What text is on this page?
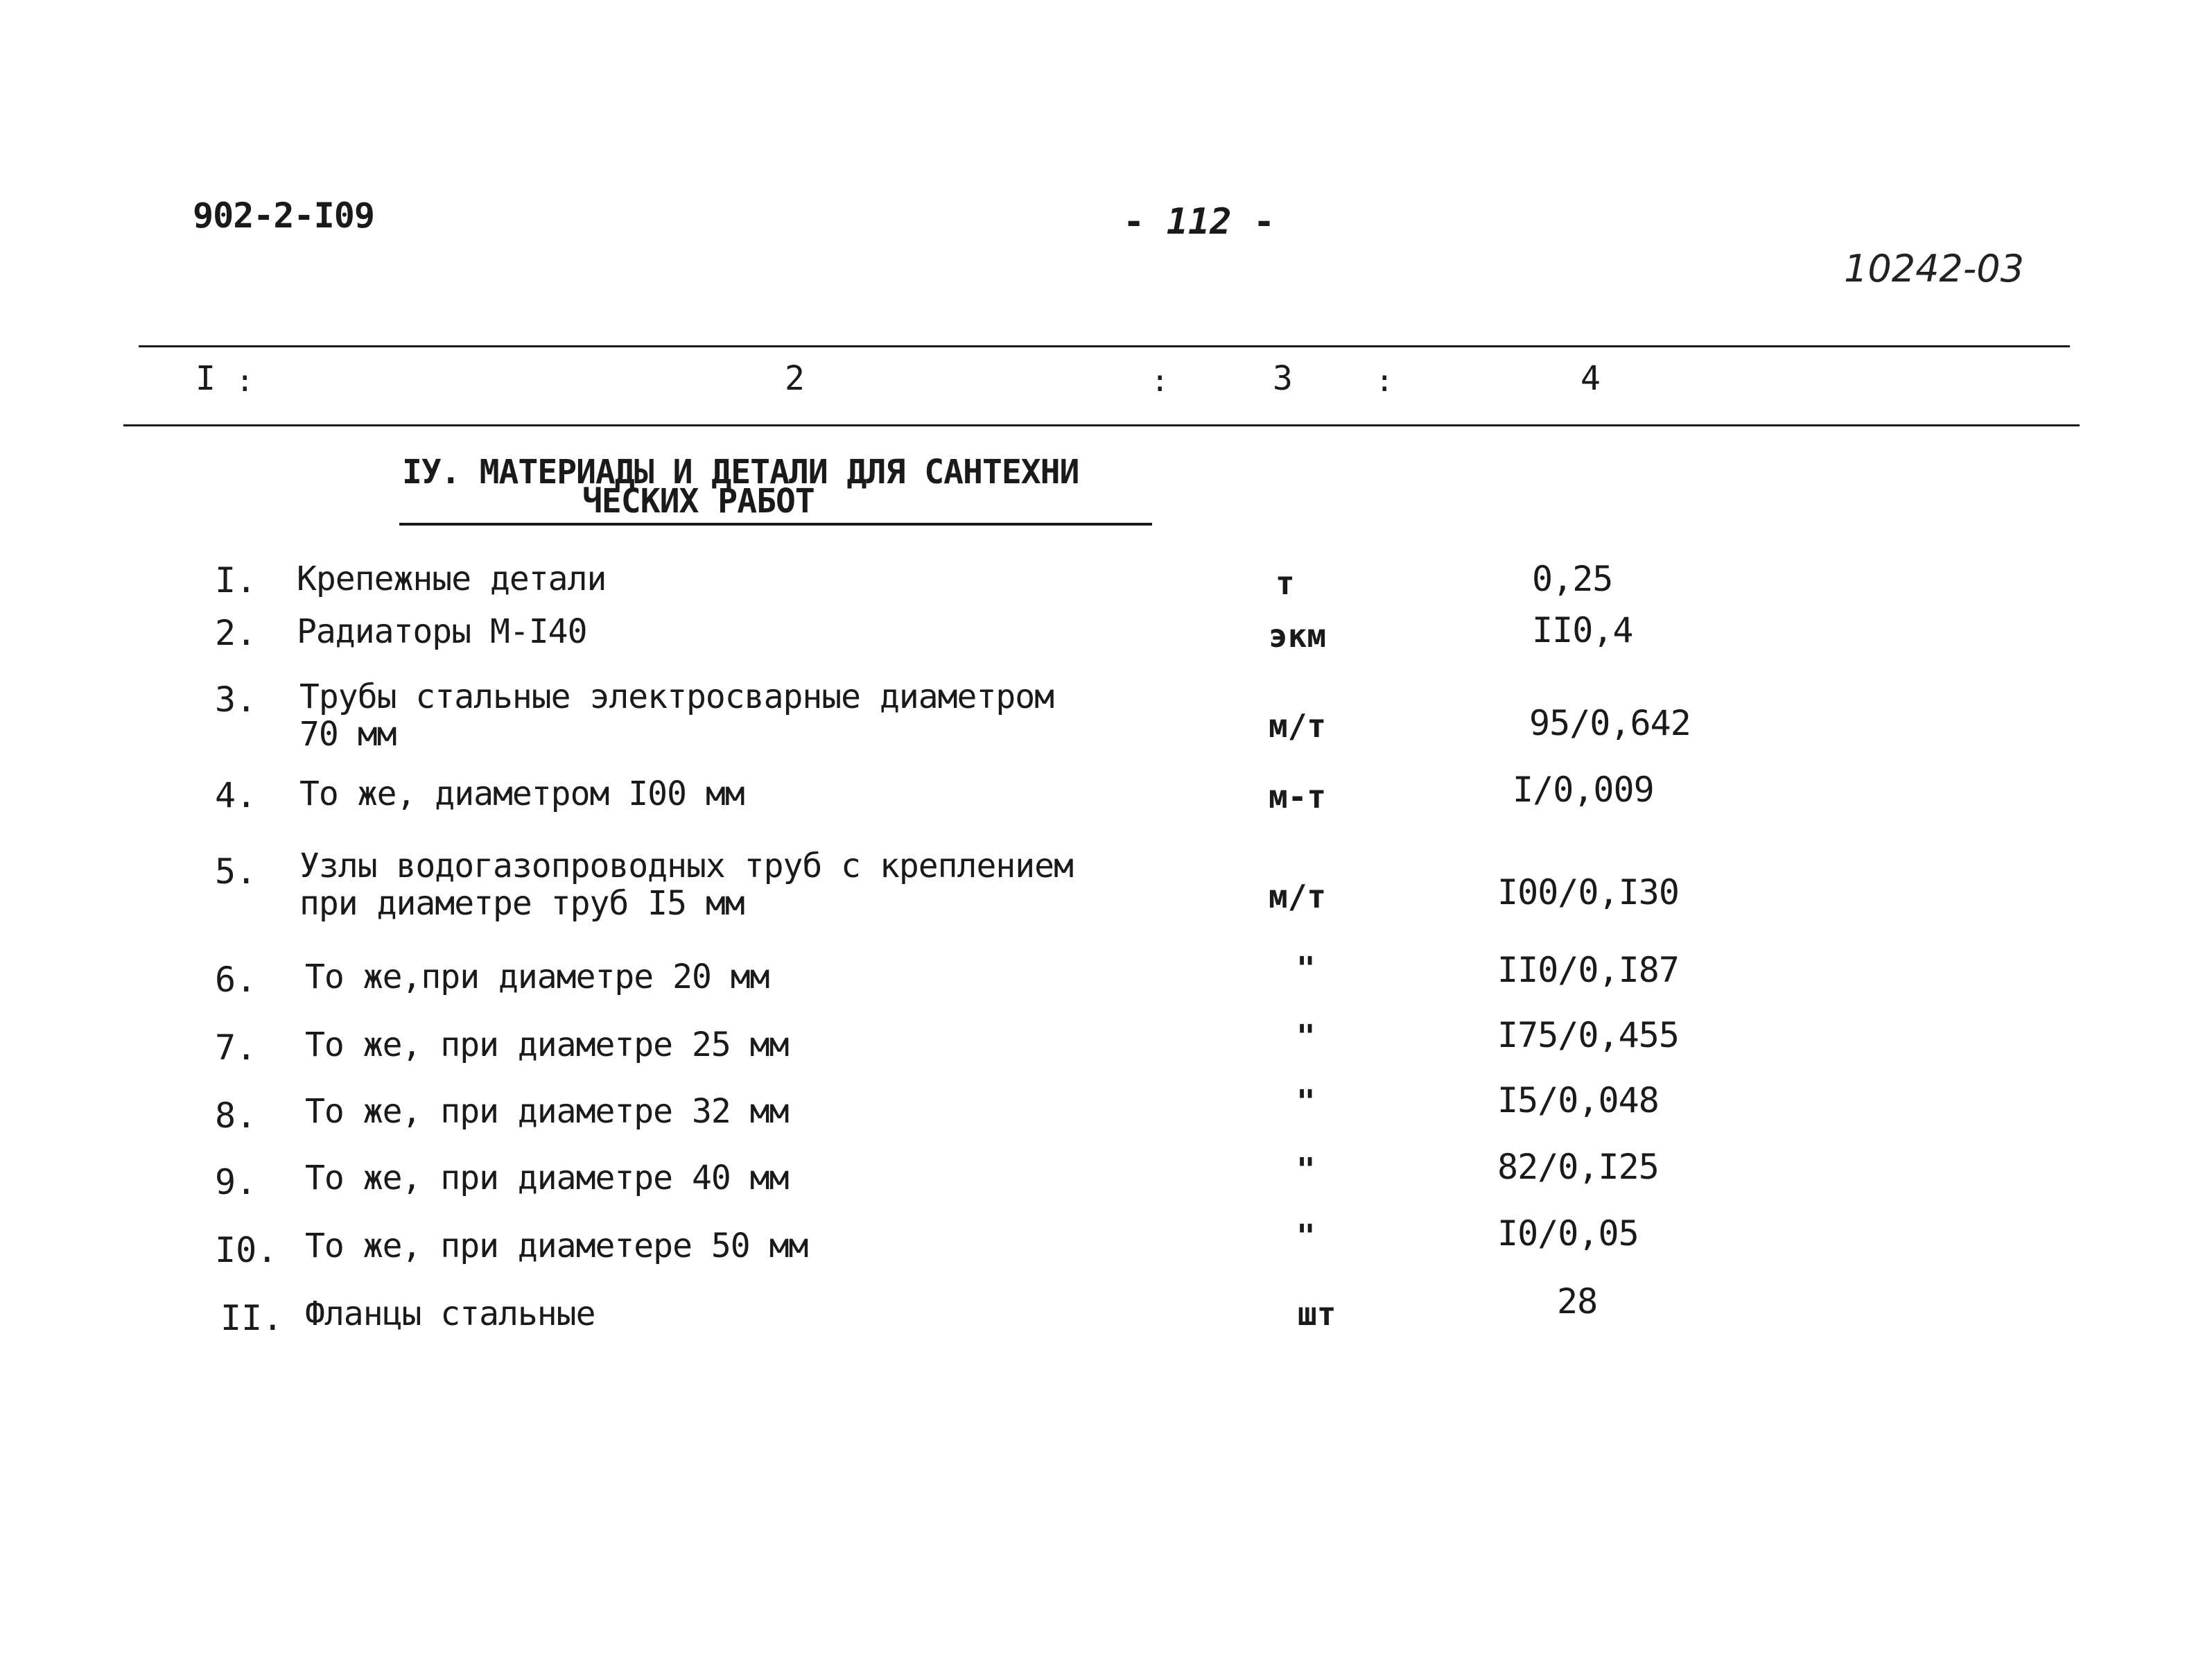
902-2-I09	- 112 -
10242-03
I :	2	:	3	:	4
IУ. МАТЕРИАДЫ И ДЕТАЛИ ДЛЯ САНТЕХНИ
ЧЕСКИХ РАБОТ
I. Крепежные детали	т	0,25
2. Радиаторы М-I40	экм	II0,4
3. Трубы стальные электросварные диаметром
70 мм	м/т	95/0,642
4. То же, диаметром I00 мм	м-т	I/0,009
5. Узлы водогазопроводных труб с креплением
при диаметре труб I5 мм	м/т	I00/0,I30
6. То же,при диаметре 20 мм	"	II0/0,I87
7. То же, при диаметре 25 мм	"	I75/0,455
8. То же, при диаметре 32 мм	"	I5/0,048
9. То же, при диаметре 40 мм	"	82/0,I25
I0. То же, при диаметере 50 мм	"	I0/0,05
II. Фланцы стальные	шт	28
